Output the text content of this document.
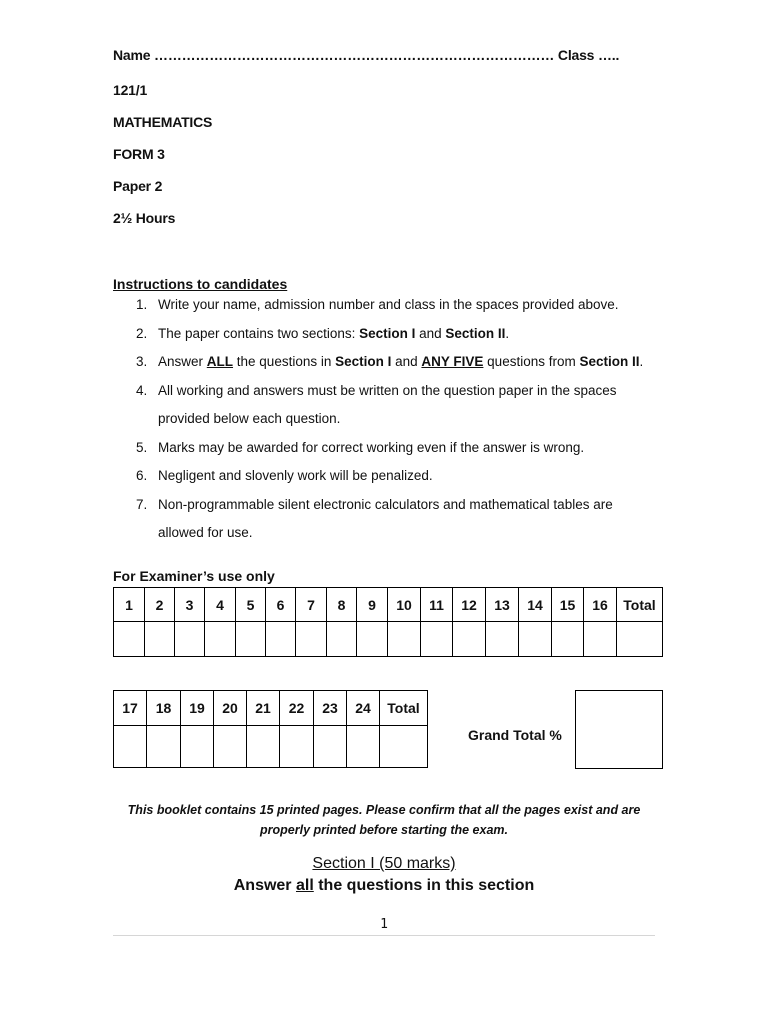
Name …………………………………………………………………………… Class …..
121/1
MATHEMATICS
FORM 3
Paper 2
2½ Hours
Instructions to candidates
1. Write your name, admission number and class in the spaces provided above.
2. The paper contains two sections: Section I and Section II.
3. Answer ALL the questions in Section I and ANY FIVE questions from Section II.
4. All working and answers must be written on the question paper in the spaces provided below each question.
5. Marks may be awarded for correct working even if the answer is wrong.
6. Negligent and slovenly work will be penalized.
7. Non-programmable silent electronic calculators and mathematical tables are allowed for use.
For Examiner’s use only
1	2	3	4	5	6	7	8	9	10	11	12	13	14	15	16	Total

17	18	19	20	21	22	23	24	Total

Grand Total %
This booklet contains 15 printed pages. Please confirm that all the pages exist and are
properly printed before starting the exam.
Section I (50 marks)
Answer all the questions in this section
1
